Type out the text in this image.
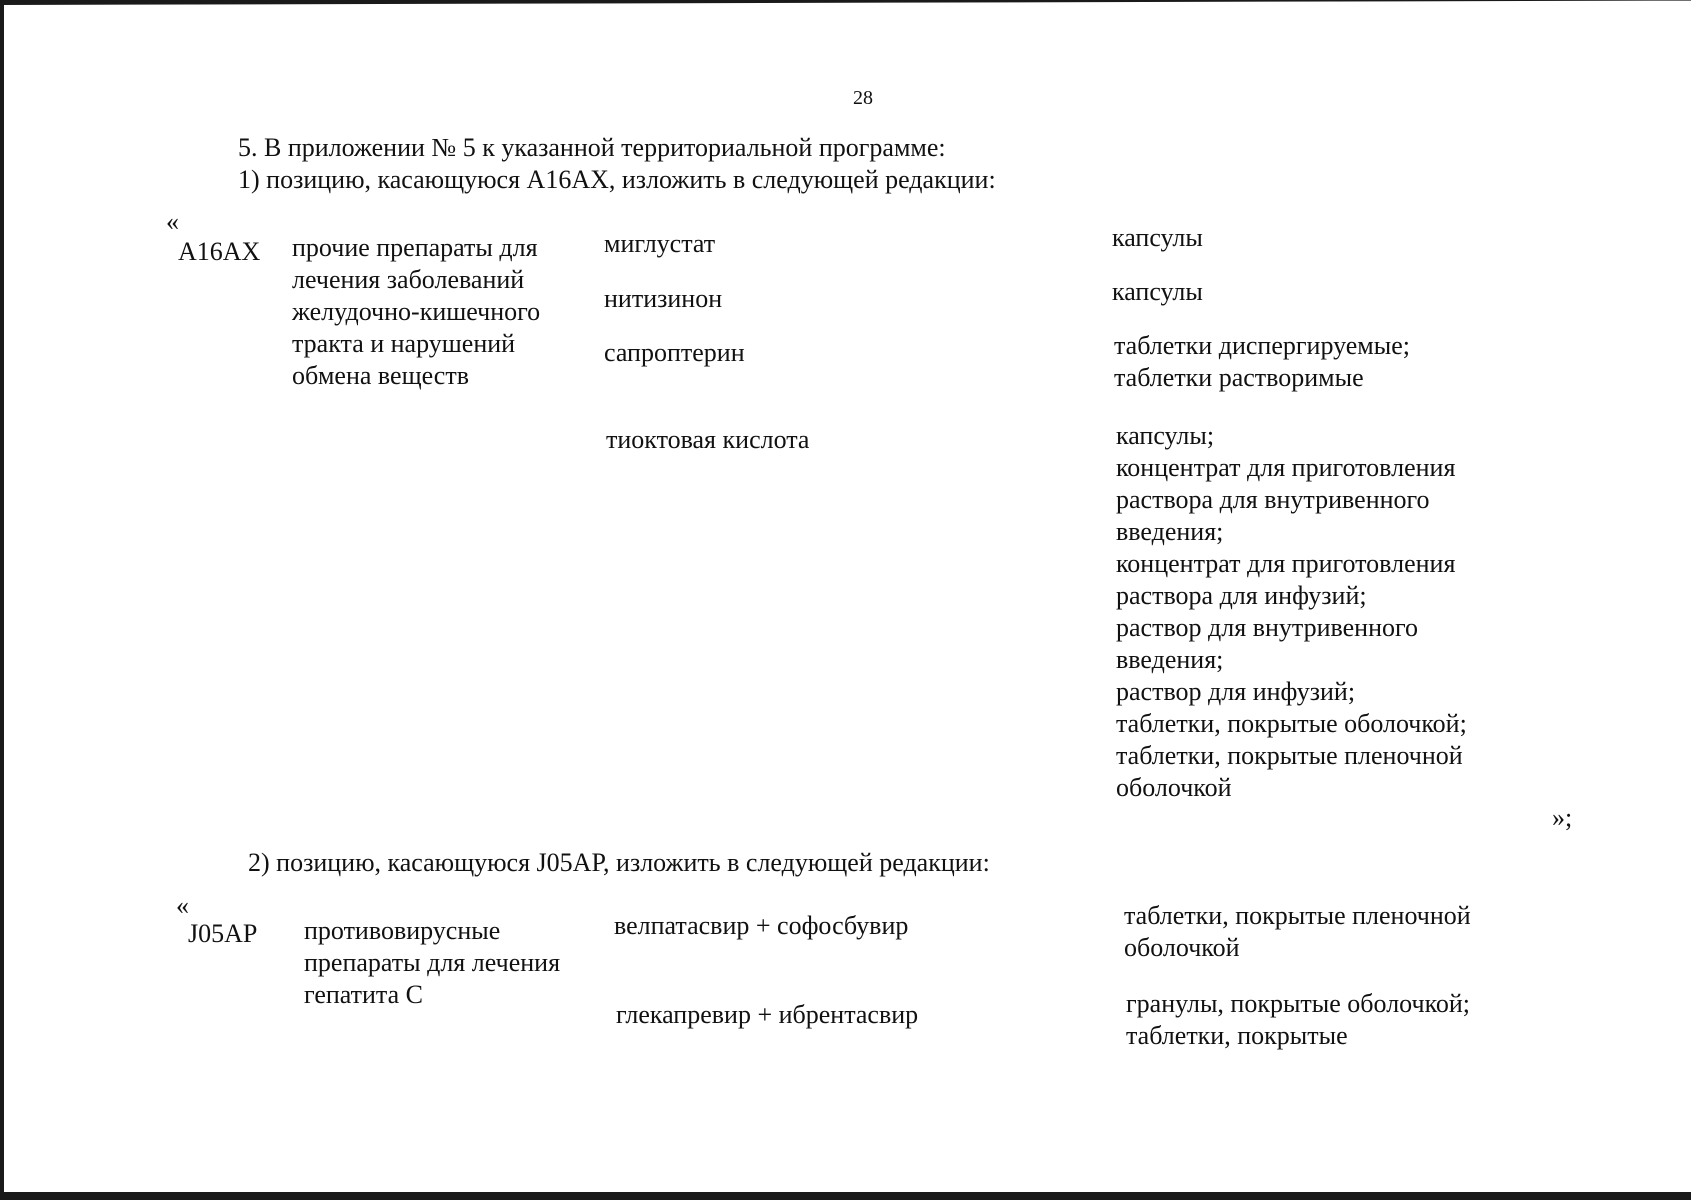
28
5. В приложении № 5 к указанной территориальной программе:
1) позицию, касающуюся А16АХ, изложить в следующей редакции:
«
А16АХ прочие препараты для
лечения заболеваний
желудочно-кишечного
тракта и нарушений
обмена веществ
миглустат	капсулы
нитизинон	капсулы
сапроптерин	таблетки диспергируемые;
таблетки растворимые
тиоктовая кислота	капсулы;
концентрат для приготовления
раствора для внутривенного
введения;
концентрат для приготовления
раствора для инфузий;
раствор для внутривенного
введения;
раствор для инфузий;
таблетки, покрытые оболочкой;
таблетки, покрытые пленочной
оболочкой
»;
2) позицию, касающуюся J05AP, изложить в следующей редакции:
«
J05AP противовирусные
препараты для лечения
гепатита С
велпатасвир + софосбувир	таблетки, покрытые пленочной
оболочкой
глекапревир + ибрентасвир	гранулы, покрытые оболочкой;
таблетки, покрытые
